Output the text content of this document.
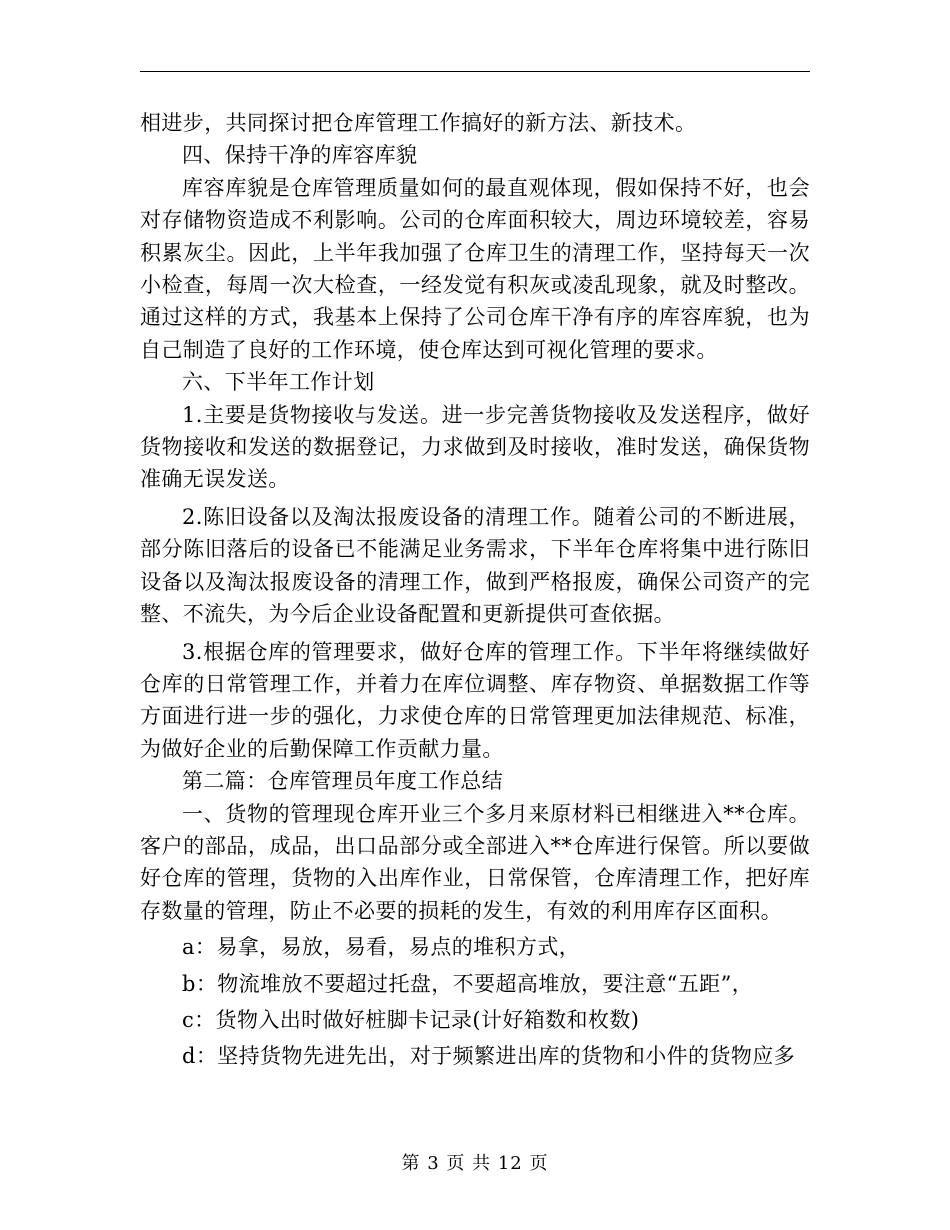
相进步，共同探讨把仓库管理工作搞好的新方法、新技术。

四、保持干净的库容库貌

库容库貌是仓库管理质量如何的最直观体现，假如保持不好，也会对存储物资造成不利影响。公司的仓库面积较大，周边环境较差，容易积累灰尘。因此，上半年我加强了仓库卫生的清理工作，坚持每天一次小检查，每周一次大检查，一经发觉有积灰或凌乱现象，就及时整改。通过这样的方式，我基本上保持了公司仓库干净有序的库容库貌，也为自己制造了良好的工作环境，使仓库达到可视化管理的要求。

六、下半年工作计划

1.主要是货物接收与发送。进一步完善货物接收及发送程序，做好货物接收和发送的数据登记，力求做到及时接收，准时发送，确保货物准确无误发送。

2.陈旧设备以及淘汰报废设备的清理工作。随着公司的不断进展，部分陈旧落后的设备已不能满足业务需求，下半年仓库将集中进行陈旧设备以及淘汰报废设备的清理工作，做到严格报废，确保公司资产的完整、不流失，为今后企业设备配置和更新提供可查依据。

3.根据仓库的管理要求，做好仓库的管理工作。下半年将继续做好仓库的日常管理工作，并着力在库位调整、库存物资、单据数据工作等方面进行进一步的强化，力求使仓库的日常管理更加法律规范、标准，为做好企业的后勤保障工作贡献力量。

第二篇：仓库管理员年度工作总结

一、货物的管理现仓库开业三个多月来原材料已相继进入**仓库。客户的部品，成品，出口品部分或全部进入**仓库进行保管。所以要做好仓库的管理，货物的入出库作业，日常保管，仓库清理工作，把好库存数量的管理，防止不必要的损耗的发生，有效的利用库存区面积。

a：易拿，易放，易看，易点的堆积方式，

b：物流堆放不要超过托盘，不要超高堆放，要注意“五距”，

c：货物入出时做好桩脚卡记录(计好箱数和枚数)

d：坚持货物先进先出，对于频繁进出库的货物和小件的货物应多

第 3 页 共 12 页
